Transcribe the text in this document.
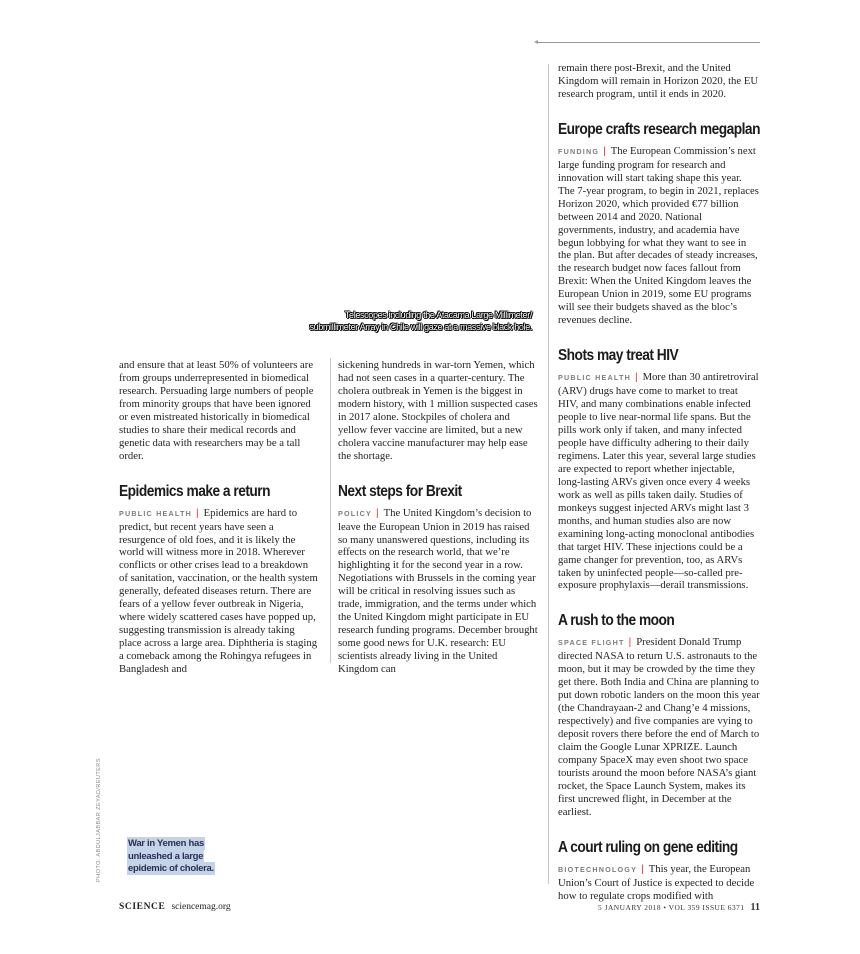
Telescopes including the Atacama Large Millimeter/
submillimeter Array in Chile will gaze at a massive black hole.

and ensure that at least 50% of volunteers are from groups underrepresented in biomedical research. Persuading large numbers of people from minority groups that have been ignored or even mistreated historically in biomedical studies to share their medical records and genetic data with researchers may be a tall order.

Epidemics make a return

PUBLIC HEALTH | Epidemics are hard to predict, but recent years have seen a resurgence of old foes, and it is likely the world will witness more in 2018. Wherever conflicts or other crises lead to a breakdown of sanitation, vaccination, or the health system generally, defeated diseases return. There are fears of a yellow fever outbreak in Nigeria, where widely scattered cases have popped up, suggesting transmission is already taking place across a large area. Diphtheria is staging a comeback among the Rohingya refugees in Bangladesh and

sickening hundreds in war-torn Yemen, which had not seen cases in a quarter-century. The cholera outbreak in Yemen is the biggest in modern history, with 1 million suspected cases in 2017 alone. Stockpiles of cholera and yellow fever vaccine are limited, but a new cholera vaccine manufacturer may help ease the shortage.

Next steps for Brexit

POLICY | The United Kingdom’s decision to leave the European Union in 2019 has raised so many unanswered questions, including its effects on the research world, that we’re highlighting it for the second year in a row. Negotiations with Brussels in the coming year will be critical in resolving issues such as trade, immigration, and the terms under which the United Kingdom might participate in EU research funding programs. December brought some good news for U.K. research: EU scientists already living in the United Kingdom can

remain there post-Brexit, and the United Kingdom will remain in Horizon 2020, the EU research program, until it ends in 2020.

Europe crafts research megaplan

FUNDING | The European Commission’s next large funding program for research and innovation will start taking shape this year. The 7-year program, to begin in 2021, replaces Horizon 2020, which provided €77 billion between 2014 and 2020. National governments, industry, and academia have begun lobbying for what they want to see in the plan. But after decades of steady increases, the research budget now faces fallout from Brexit: When the United Kingdom leaves the European Union in 2019, some EU programs will see their budgets shaved as the bloc’s revenues decline.

Shots may treat HIV

PUBLIC HEALTH | More than 30 antiretroviral (ARV) drugs have come to market to treat HIV, and many combinations enable infected people to live near-normal life spans. But the pills work only if taken, and many infected people have difficulty adhering to their daily regimens. Later this year, several large studies are expected to report whether injectable, long-lasting ARVs given once every 4 weeks work as well as pills taken daily. Studies of monkeys suggest injected ARVs might last 3 months, and human studies also are now examining long-acting monoclonal antibodies that target HIV. These injections could be a game changer for prevention, too, as ARVs taken by uninfected people—so-called pre-exposure prophylaxis—derail transmissions.

A rush to the moon

SPACE FLIGHT | President Donald Trump directed NASA to return U.S. astronauts to the moon, but it may be crowded by the time they get there. Both India and China are planning to put down robotic landers on the moon this year (the Chandrayaan-2 and Chang’e 4 missions, respectively) and five companies are vying to deposit rovers there before the end of March to claim the Google Lunar XPRIZE. Launch company SpaceX may even shoot two space tourists around the moon before NASA’s giant rocket, the Space Launch System, makes its first uncrewed flight, in December at the earliest.

A court ruling on gene editing

BIOTECHNOLOGY | This year, the European Union’s Court of Justice is expected to decide how to regulate crops modified with

PHOTO: ABDULJABBAR ZEYAD/REUTERS	War in Yemen has
unleashed a large
epidemic of cholera.
SCIENCE sciencemag.org	5 JANUARY 2018 • VOL 359 ISSUE 6371 11
